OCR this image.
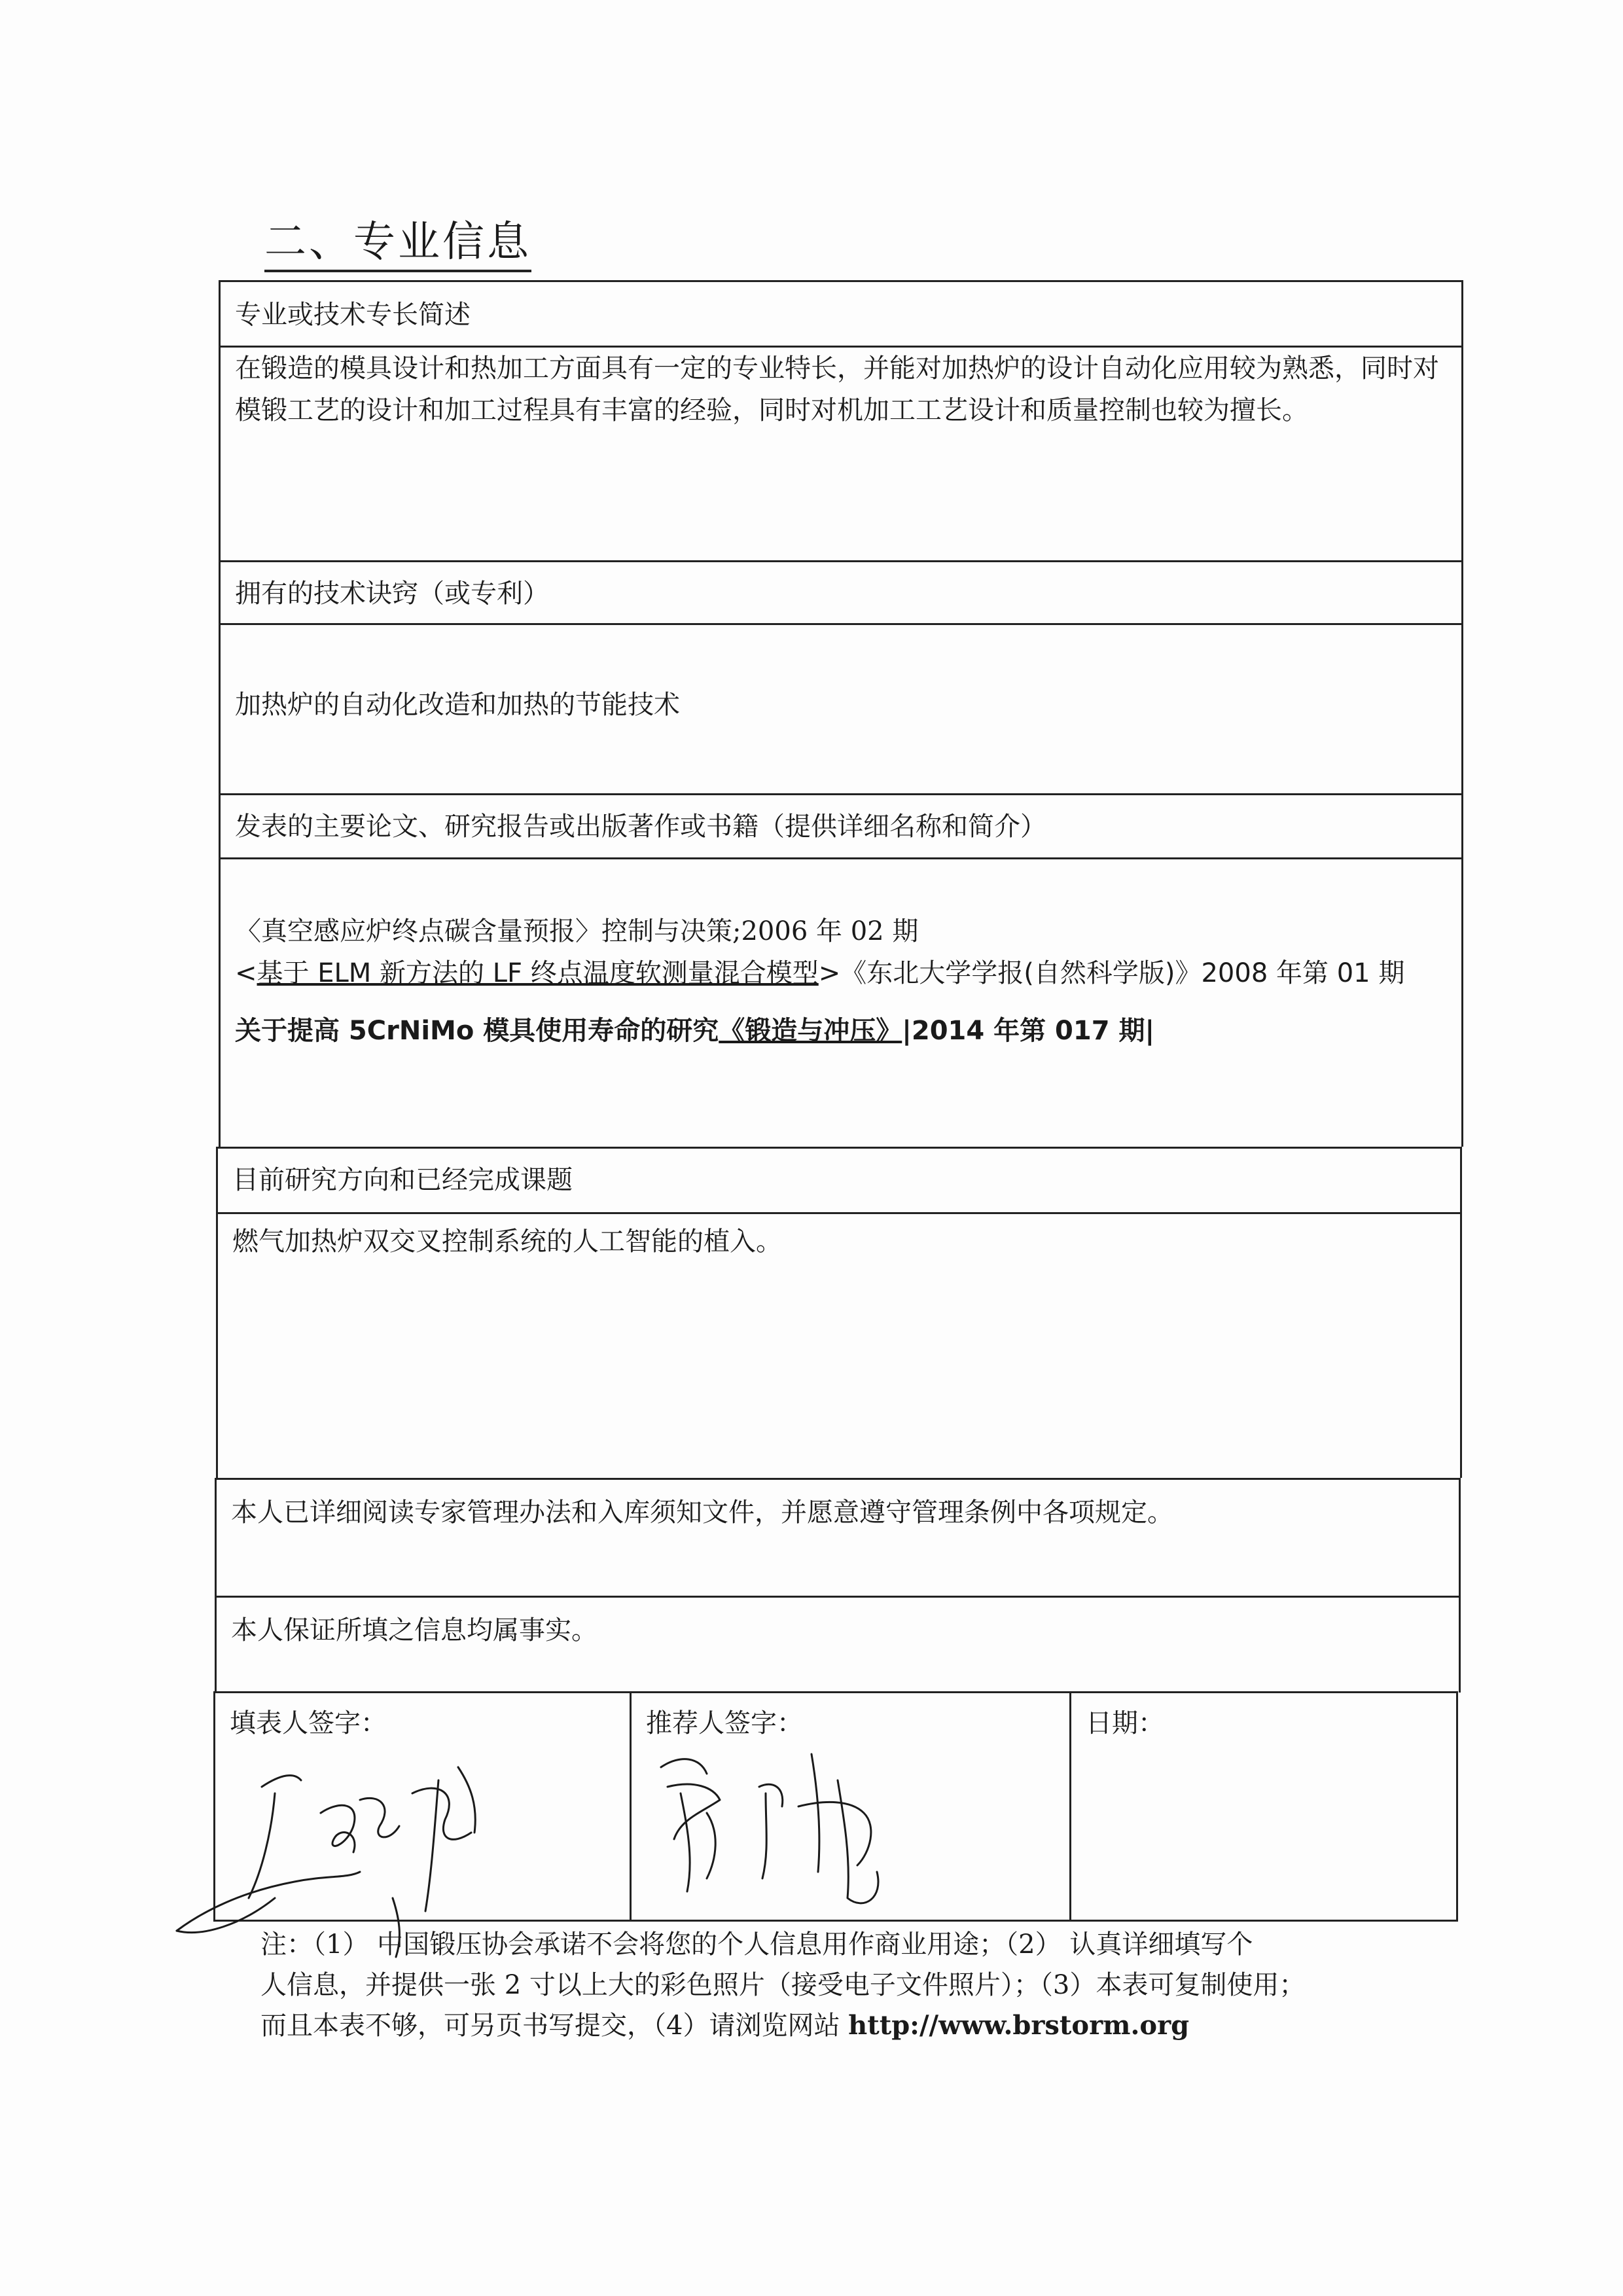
二、专业信息
专业或技术专长简述
在锻造的模具设计和热加工方面具有一定的专业特长，并能对加热炉的设计自动化应用较为熟悉，同时对模锻工艺的设计和加工过程具有丰富的经验，同时对机加工工艺设计和质量控制也较为擅长。
拥有的技术诀窍（或专利）
加热炉的自动化改造和加热的节能技术
发表的主要论文、研究报告或出版著作或书籍（提供详细名称和简介）
〈真空感应炉终点碳含量预报〉控制与决策;2006 年 02 期
<基于 ELM 新方法的 LF 终点温度软测量混合模型>《东北大学学报(自然科学版)》2008 年第 01 期
关于提高 5CrNiMo 模具使用寿命的研究《锻造与冲压》|2014 年第 017 期|
目前研究方向和已经完成课题
燃气加热炉双交叉控制系统的人工智能的植入。
本人已详细阅读专家管理办法和入库须知文件，并愿意遵守管理条例中各项规定。
本人保证所填之信息均属事实。
填表人签字：	推荐人签字：	日期：
注：（1） 中国锻压协会承诺不会将您的个人信息用作商业用途；（2） 认真详细填写个
人信息，并提供一张 2 寸以上大的彩色照片（接受电子文件照片）；（3）本表可复制使用；
而且本表不够，可另页书写提交，（4）请浏览网站 http://www.brstorm.org
